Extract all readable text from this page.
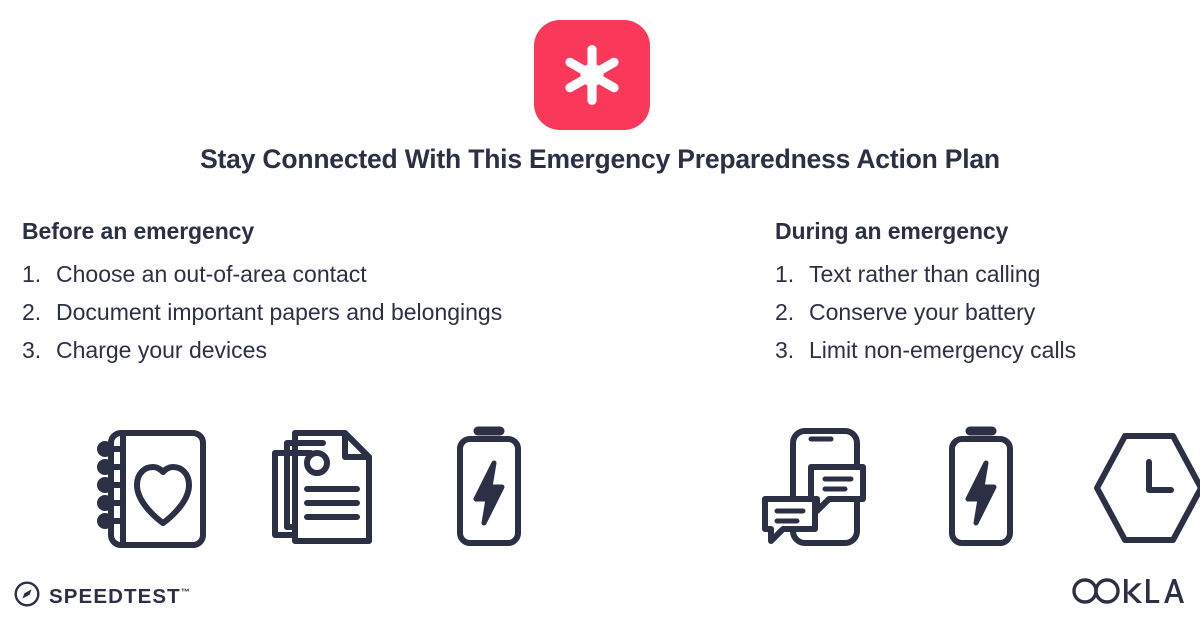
Stay Connected With This Emergency Preparedness Action Plan
Before an emergency
Choose an out-of-area contact
Document important papers and belongings
Charge your devices
During an emergency
Text rather than calling
Conserve your battery
Limit non-emergency calls
SPEEDTEST™
